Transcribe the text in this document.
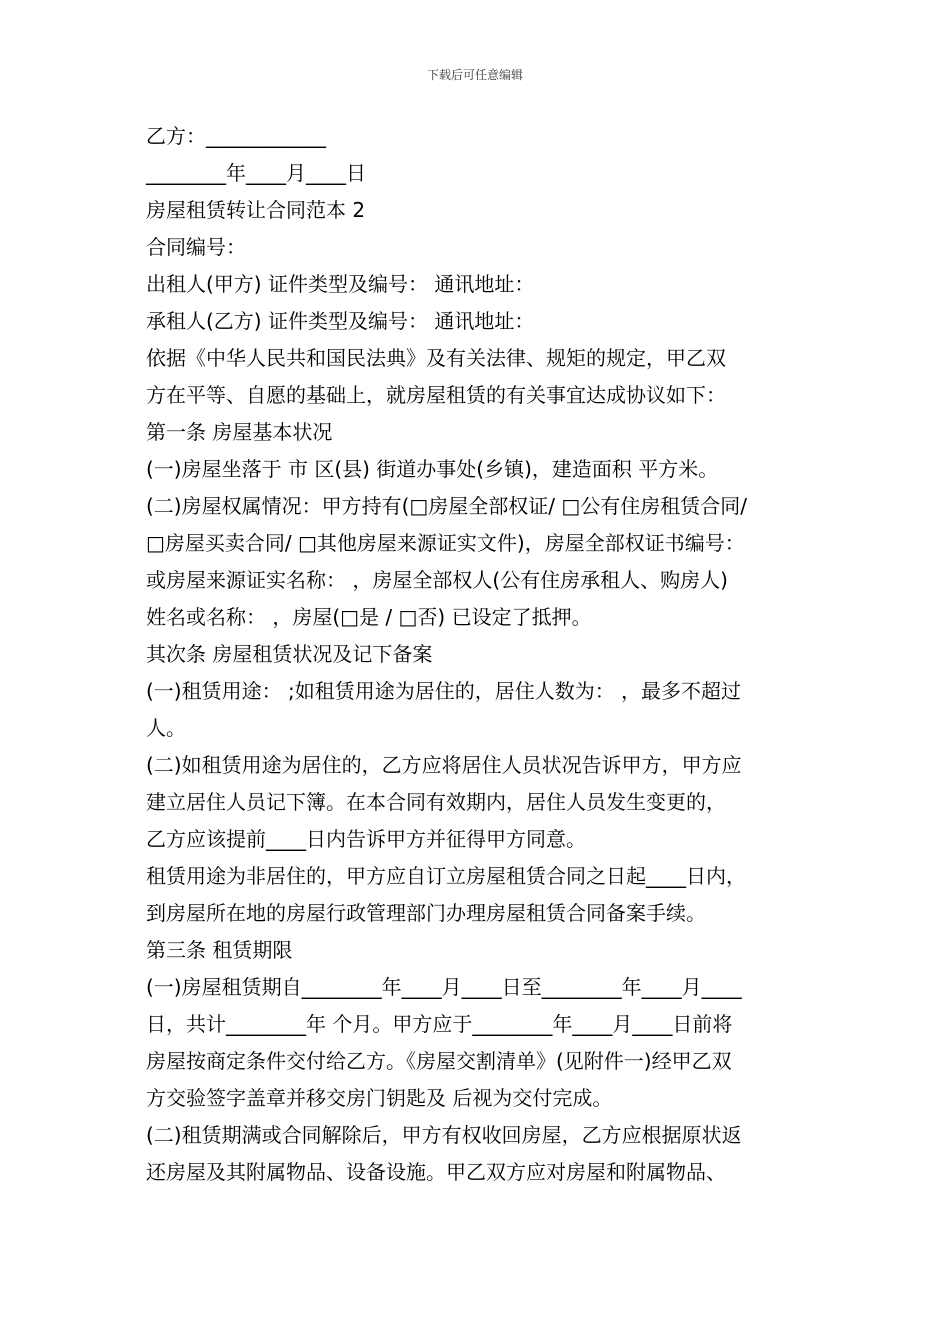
下载后可任意编辑
乙方：____________
________年____月____日
房屋租赁转让合同范本 2
合同编号：
出租人(甲方) 证件类型及编号： 通讯地址：
承租人(乙方) 证件类型及编号： 通讯地址：
依据《中华人民共和国民法典》及有关法律、规矩的规定，甲乙双
方在平等、自愿的基础上，就房屋租赁的有关事宜达成协议如下：
第一条 房屋基本状况
(一)房屋坐落于 市 区(县) 街道办事处(乡镇)，建造面积 平方米。
(二)房屋权属情况：甲方持有(□房屋全部权证/ □公有住房租赁合同/
□房屋买卖合同/ □其他房屋来源证实文件)，房屋全部权证书编号：
或房屋来源证实名称： ，房屋全部权人(公有住房承租人、购房人)
姓名或名称： ，房屋(□是 / □否) 已设定了抵押。
其次条 房屋租赁状况及记下备案
(一)租赁用途： ;如租赁用途为居住的，居住人数为： ，最多不超过
人。
(二)如租赁用途为居住的，乙方应将居住人员状况告诉甲方，甲方应
建立居住人员记下簿。在本合同有效期内，居住人员发生变更的，
乙方应该提前____日内告诉甲方并征得甲方同意。
租赁用途为非居住的，甲方应自订立房屋租赁合同之日起____日内，
到房屋所在地的房屋行政管理部门办理房屋租赁合同备案手续。
第三条 租赁期限
(一)房屋租赁期自________年____月____日至________年____月____
日，共计________年 个月。甲方应于________年____月____日前将
房屋按商定条件交付给乙方。《房屋交割清单》(见附件一)经甲乙双
方交验签字盖章并移交房门钥匙及 后视为交付完成。
(二)租赁期满或合同解除后，甲方有权收回房屋，乙方应根据原状返
还房屋及其附属物品、设备设施。甲乙双方应对房屋和附属物品、
